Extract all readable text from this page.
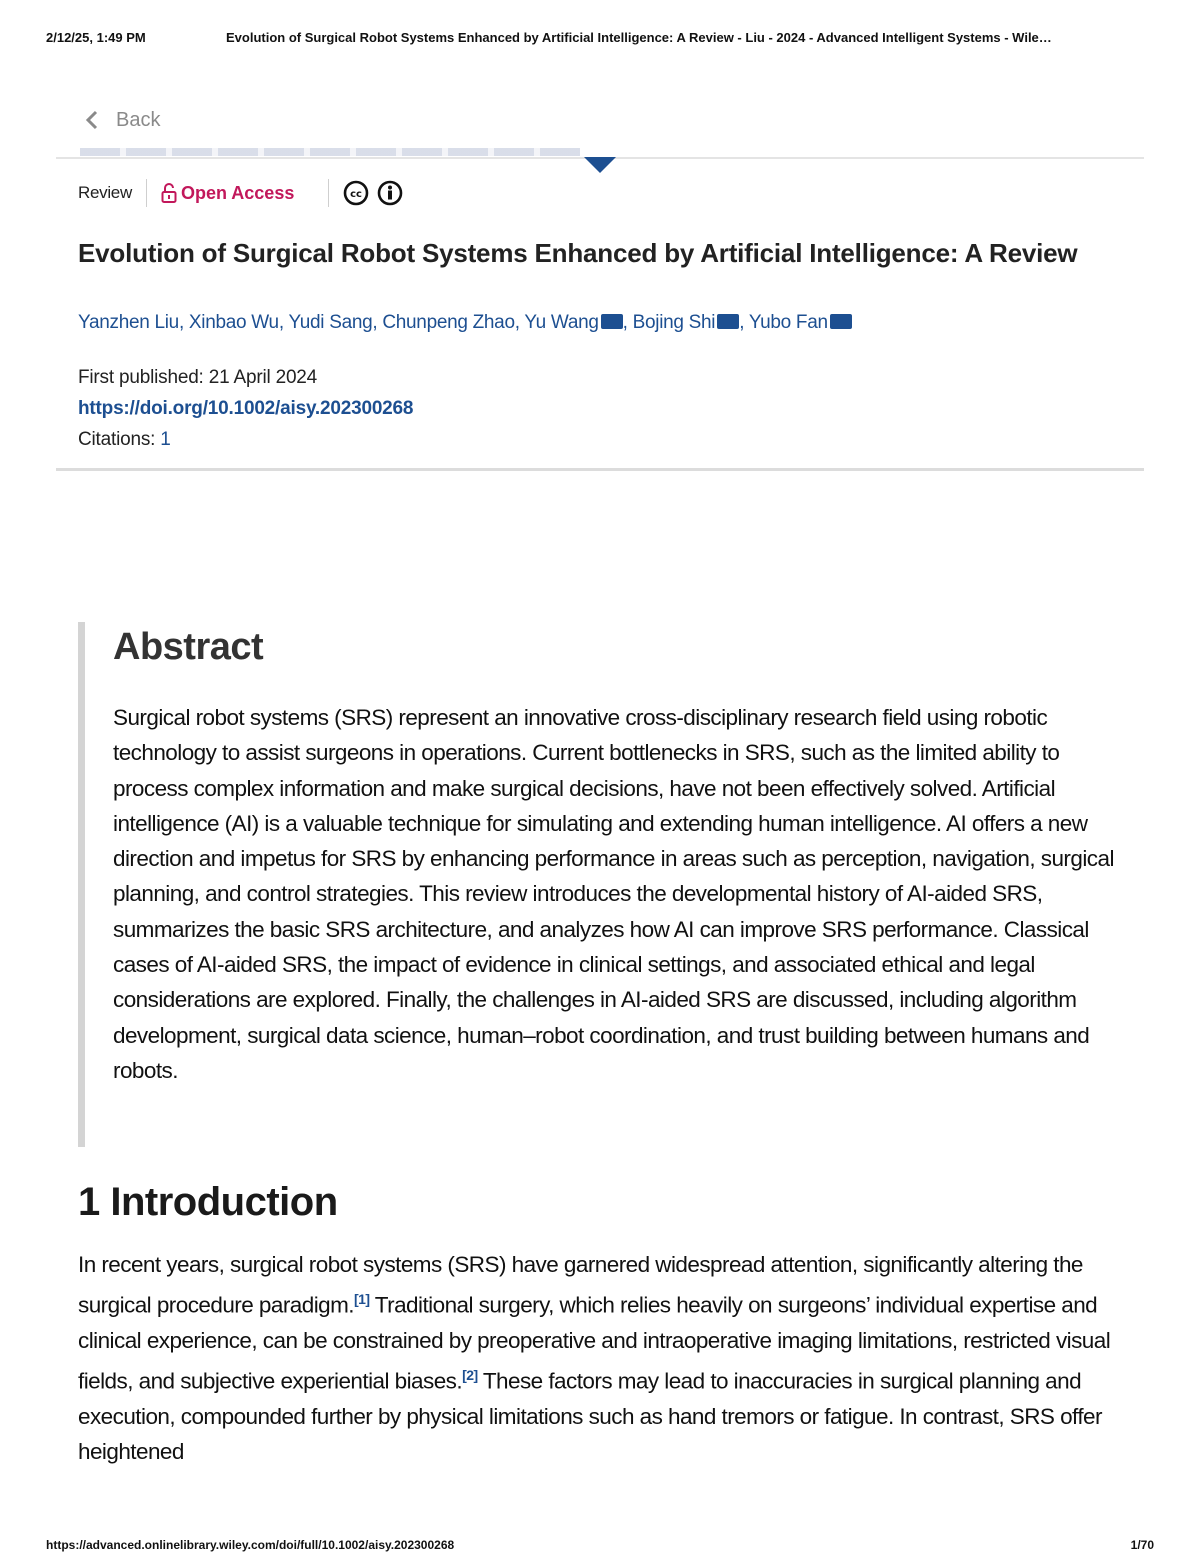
2/12/25, 1:49 PM	Evolution of Surgical Robot Systems Enhanced by Artificial Intelligence: A Review - Liu - 2024 - Advanced Intelligent Systems - Wile…
Back
Review	Open Access	cc
Evolution of Surgical Robot Systems Enhanced by Artificial Intelligence: A Review
Yanzhen Liu, Xinbao Wu, Yudi Sang, Chunpeng Zhao, Yu Wang , Bojing Shi , Yubo Fan
First published: 21 April 2024
https://doi.org/10.1002/aisy.202300268
Citations: 1
Abstract
Surgical robot systems (SRS) represent an innovative cross-disciplinary research field using robotic technology to assist surgeons in operations. Current bottlenecks in SRS, such as the limited ability to process complex information and make surgical decisions, have not been effectively solved. Artificial intelligence (AI) is a valuable technique for simulating and extending human intelligence. AI offers a new direction and impetus for SRS by enhancing performance in areas such as perception, navigation, surgical planning, and control strategies. This review introduces the developmental history of AI-aided SRS, summarizes the basic SRS architecture, and analyzes how AI can improve SRS performance. Classical cases of AI-aided SRS, the impact of evidence in clinical settings, and associated ethical and legal considerations are explored. Finally, the challenges in AI-aided SRS are discussed, including algorithm development, surgical data science, human–robot coordination, and trust building between humans and robots.
1 Introduction
In recent years, surgical robot systems (SRS) have garnered widespread attention, significantly altering the surgical procedure paradigm.[1] Traditional surgery, which relies heavily on surgeons’ individual expertise and clinical experience, can be constrained by preoperative and intraoperative imaging limitations, restricted visual fields, and subjective experiential biases.[2] These factors may lead to inaccuracies in surgical planning and execution, compounded further by physical limitations such as hand tremors or fatigue. In contrast, SRS offer heightened
https://advanced.onlinelibrary.wiley.com/doi/full/10.1002/aisy.202300268	1/70
